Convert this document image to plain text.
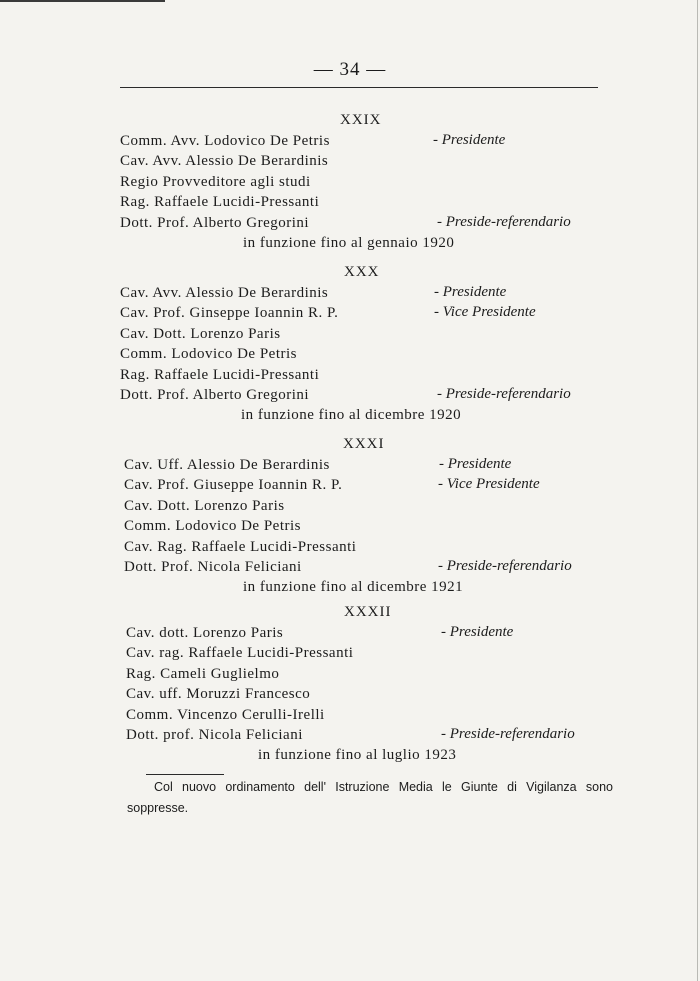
— 34 —
XXIX
Comm. Avv. Lodovico De Petris	- Presidente
Cav. Avv. Alessio De Berardinis
Regio Provveditore agli studi
Rag. Raffaele Lucidi-Pressanti
Dott. Prof. Alberto Gregorini	- Preside-referendario
in funzione fino al gennaio 1920
XXX
Cav. Avv. Alessio De Berardinis	- Presidente
Cav. Prof. Ginseppe Ioannin R. P.	- Vice Presidente
Cav. Dott. Lorenzo Paris
Comm. Lodovico De Petris
Rag. Raffaele Lucidi-Pressanti
Dott. Prof. Alberto Gregorini	- Preside-referendario
in funzione fino al dicembre 1920
XXXI
Cav. Uff. Alessio De Berardinis	- Presidente
Cav. Prof. Giuseppe Ioannin R. P.	- Vice Presidente
Cav. Dott. Lorenzo Paris
Comm. Lodovico De Petris
Cav. Rag. Raffaele Lucidi-Pressanti
Dott. Prof. Nicola Feliciani	- Preside-referendario
in funzione fino al dicembre 1921
XXXII
Cav. dott. Lorenzo Paris	- Presidente
Cav. rag. Raffaele Lucidi-Pressanti
Rag. Cameli Guglielmo
Cav. uff. Moruzzi Francesco
Comm. Vincenzo Cerulli-Irelli
Dott. prof. Nicola Feliciani	- Preside-referendario
in funzione fino al luglio 1923
Col nuovo ordinamento dell' Istruzione Media le Giunte di Vigilanza sono soppresse.
